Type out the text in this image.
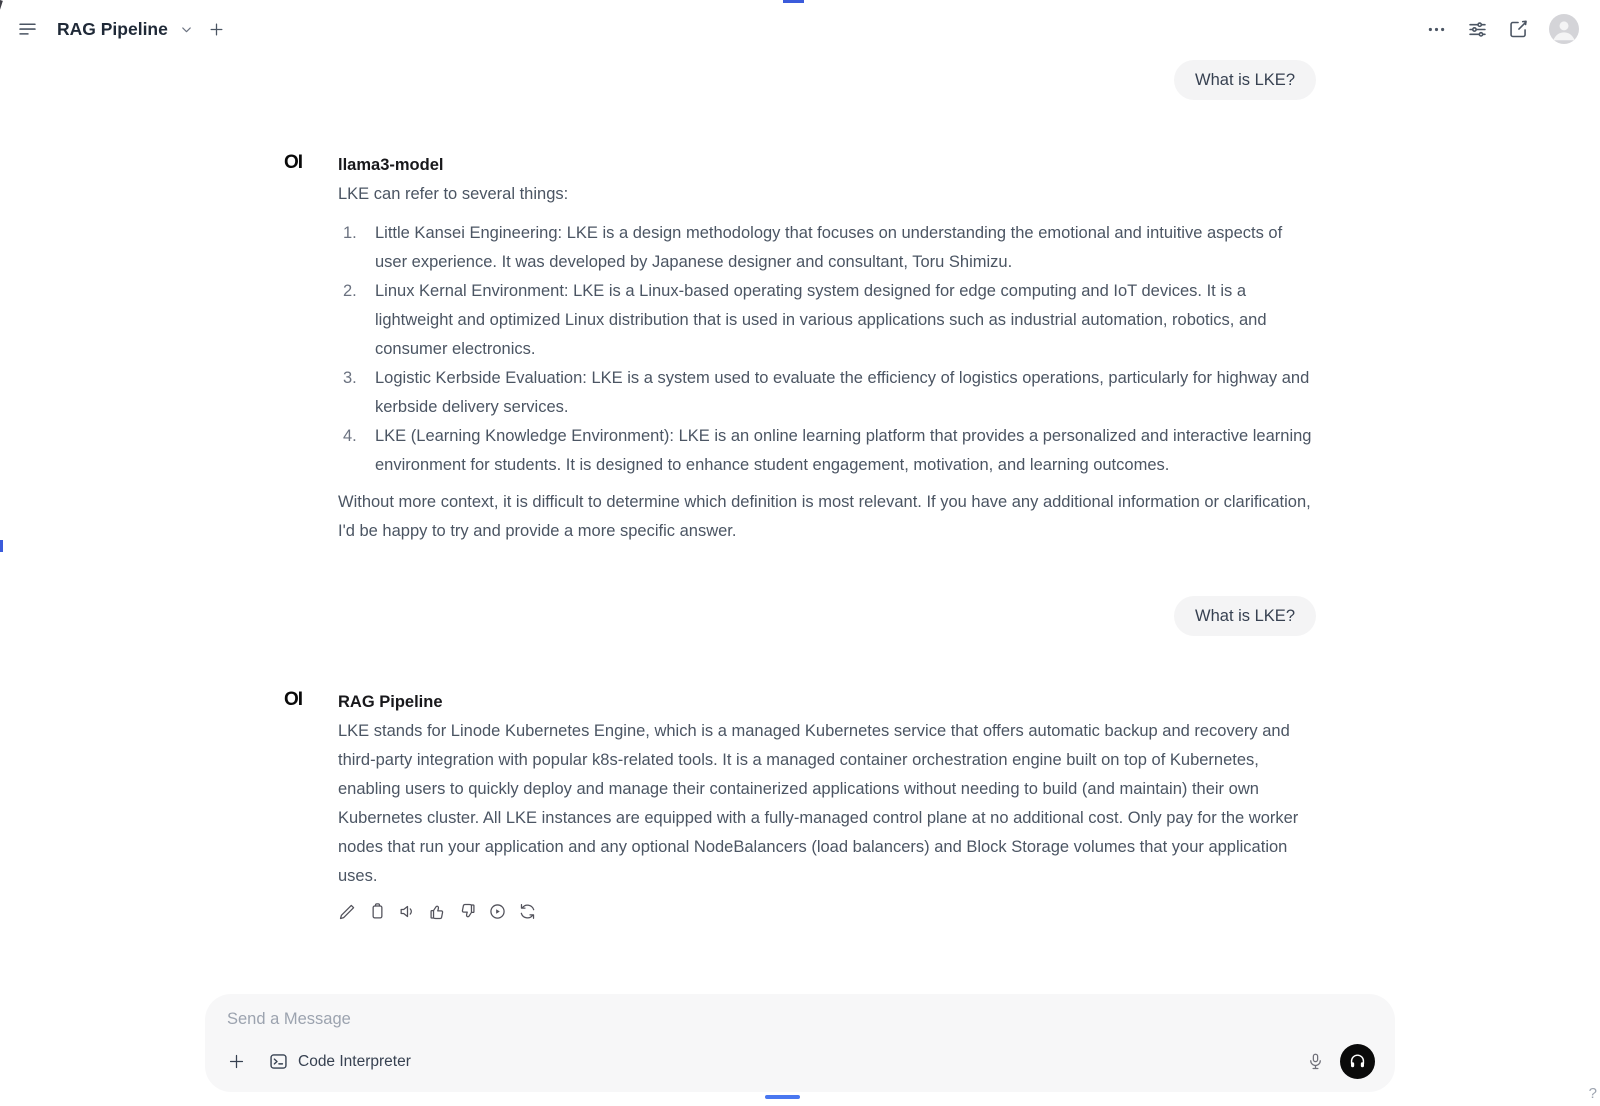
RAG Pipeline
What is LKE?
OI	llama3-model
LKE can refer to several things:
1.	Little Kansei Engineering: LKE is a design methodology that focuses on understanding the emotional and intuitive aspects of user experience. It was developed by Japanese designer and consultant, Toru Shimizu.
2.	Linux Kernal Environment: LKE is a Linux-based operating system designed for edge computing and IoT devices. It is a lightweight and optimized Linux distribution that is used in various applications such as industrial automation, robotics, and consumer electronics.
3.	Logistic Kerbside Evaluation: LKE is a system used to evaluate the efficiency of logistics operations, particularly for highway and kerbside delivery services.
4.	LKE (Learning Knowledge Environment): LKE is an online learning platform that provides a personalized and interactive learning environment for students. It is designed to enhance student engagement, motivation, and learning outcomes.
Without more context, it is difficult to determine which definition is most relevant. If you have any additional information or clarification, I'd be happy to try and provide a more specific answer.
What is LKE?
OI	RAG Pipeline
LKE stands for Linode Kubernetes Engine, which is a managed Kubernetes service that offers automatic backup and recovery and third-party integration with popular k8s-related tools. It is a managed container orchestration engine built on top of Kubernetes, enabling users to quickly deploy and manage their containerized applications without needing to build (and maintain) their own Kubernetes cluster. All LKE instances are equipped with a fully-managed control plane at no additional cost. Only pay for the worker nodes that run your application and any optional NodeBalancers (load balancers) and Block Storage volumes that your application uses.
Send a Message
Code Interpreter
?
